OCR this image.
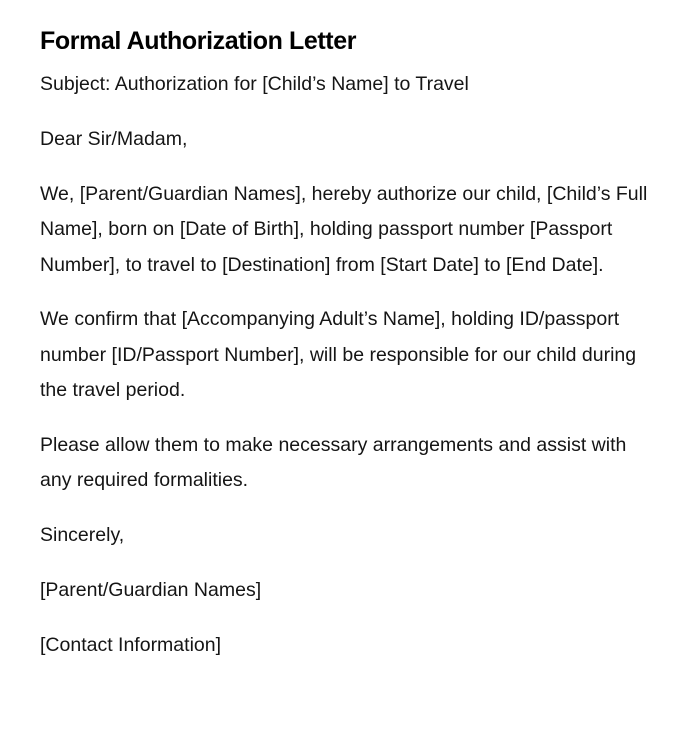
Formal Authorization Letter

Subject: Authorization for [Child’s Name] to Travel

Dear Sir/Madam,

We, [Parent/Guardian Names], hereby authorize our child, [Child’s Full Name], born on [Date of Birth], holding passport number [Passport Number], to travel to [Destination] from [Start Date] to [End Date].

We confirm that [Accompanying Adult’s Name], holding ID/passport number [ID/Passport Number], will be responsible for our child during the travel period.

Please allow them to make necessary arrangements and assist with any required formalities.

Sincerely,

[Parent/Guardian Names]

[Contact Information]
